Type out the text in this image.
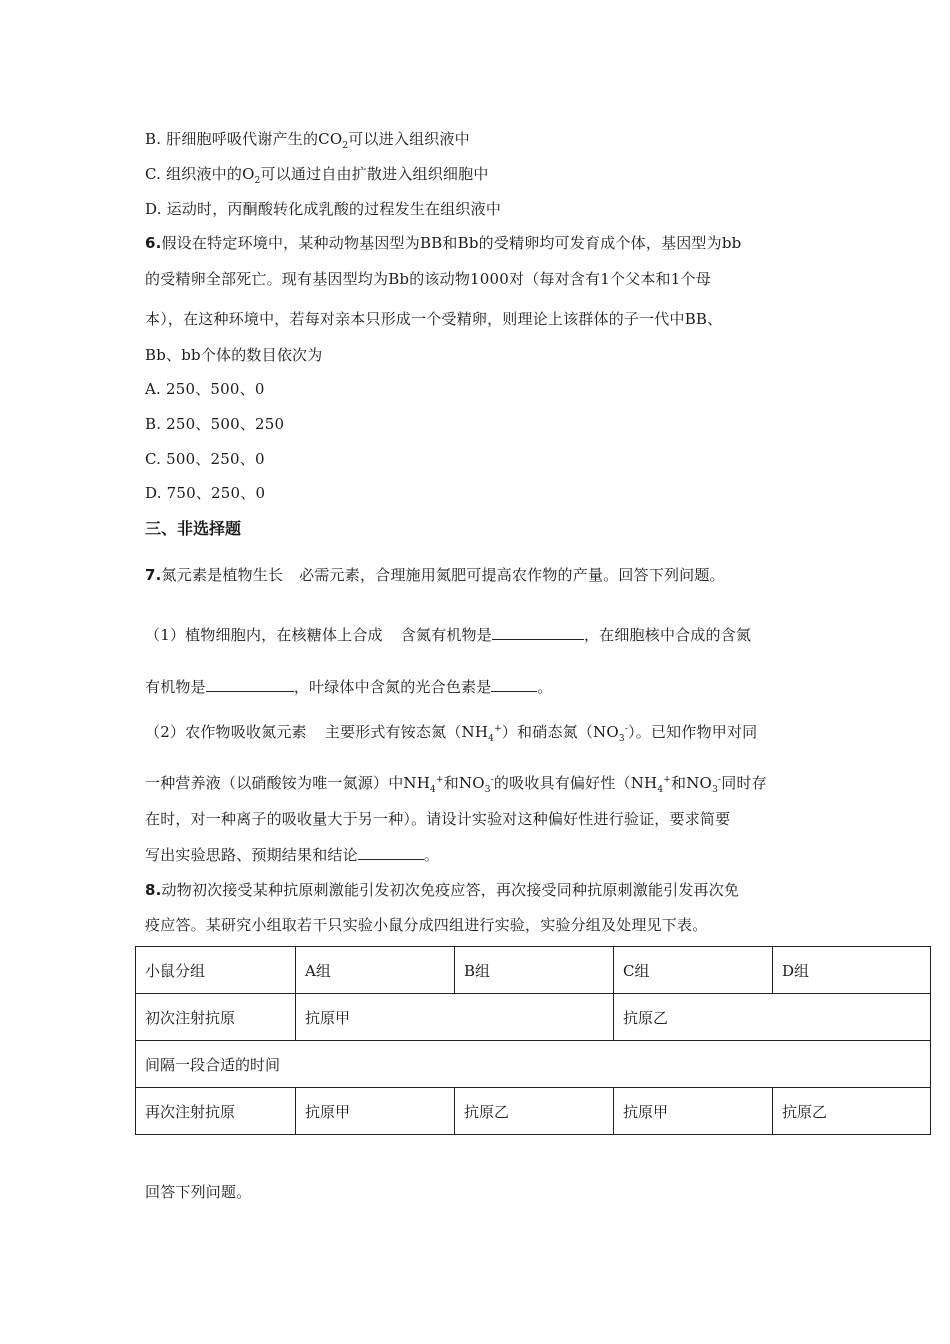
B. 肝细胞呼吸代谢产生的$CO_2$可以进入组织液中
C. 组织液中的$O_2$可以通过自由扩散进入组织细胞中
D. 运动时，丙酮酸转化成乳酸的过程发生在组织液中
6.假设在特定环境中，某种动物基因型为BB和Bb的受精卵均可发育成个体，基因型为bb
的受精卵全部死亡。现有基因型均为Bb的该动物1000对（每对含有1个父本和1个母
本），在这种环境中，若每对亲本只形成一个受精卵，则理论上该群体的子一代中BB、
Bb、bb个体的数目依次为
A. 250、500、0
B. 250、500、250
C. 500、250、0
D. 750、250、0
三、非选择题
7.氮元素是植物生长 必需元素，合理施用氮肥可提高农作物的产量。回答下列问题。
（1）植物细胞内，在核糖体上合成 含氮有机物是	，在细胞核中合成的含氮
有机物是	，叶绿体中含氮的光合色素是	。
（2）农作物吸收氮元素 主要形式有铵态氮$(NH_4^+)$和硝态氮$(NO_3^-)$。已知作物甲对同
一种营养液（以硝酸铵为唯一氮源）中$NH_4^+$和$NO_3^-$的吸收具有偏好性（$NH_4^+$和$NO_3^-$同时存
在时，对一种离子的吸收量大于另一种）。请设计实验对这种偏好性进行验证，要求简要
写出实验思路、预期结果和结论	。
8.动物初次接受某种抗原刺激能引发初次免疫应答，再次接受同种抗原刺激能引发再次免
疫应答。某研究小组取若干只实验小鼠分成四组进行实验，实验分组及处理见下表。
小鼠分组	A组	B组	C组	D组
初次注射抗原	抗原甲		抗原乙	
间隔一段合适的时间				
再次注射抗原	抗原甲	抗原乙	抗原甲	抗原乙
回答下列问题。
